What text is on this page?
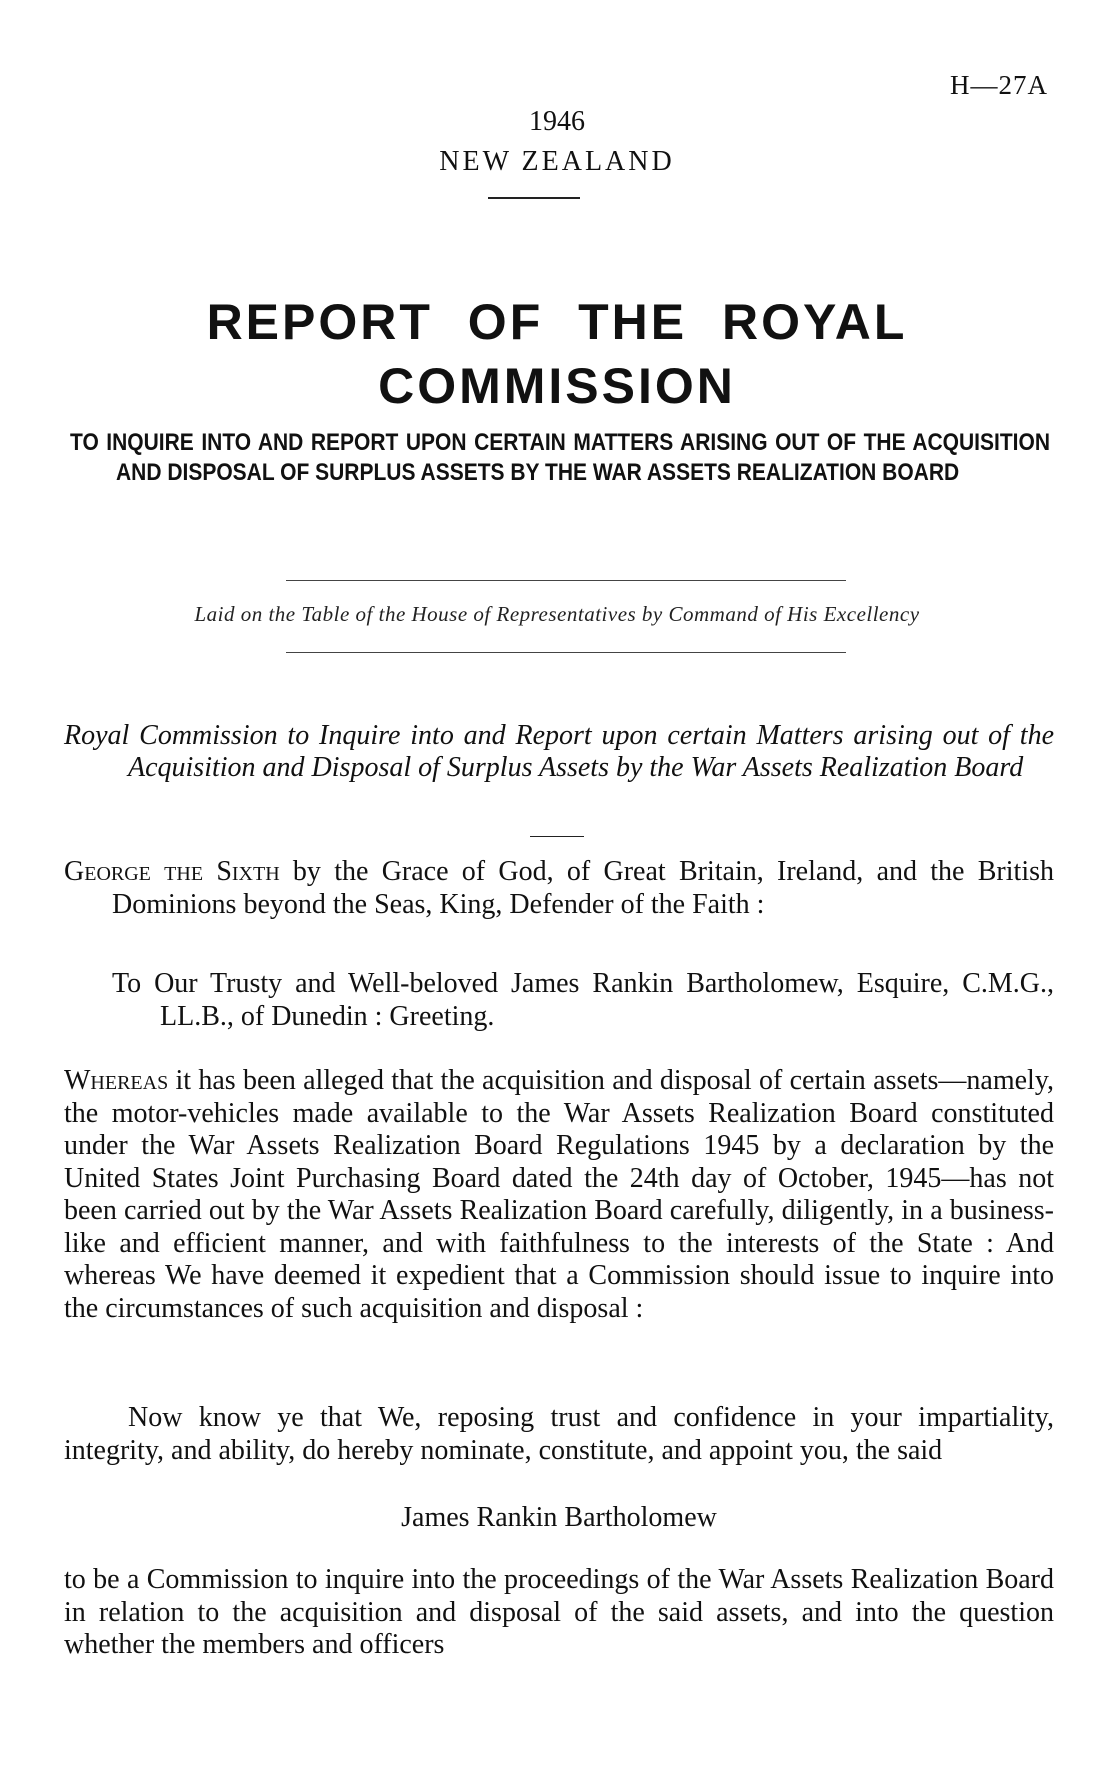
H—27A
1946
NEW ZEALAND
REPORT OF THE ROYAL
COMMISSION
TO INQUIRE INTO AND REPORT UPON CERTAIN MATTERS ARISING OUT OF THE ACQUISITION AND DISPOSAL OF SURPLUS ASSETS BY THE WAR ASSETS REALIZATION BOARD
Laid on the Table of the House of Representatives by Command of His Excellency
Royal Commission to Inquire into and Report upon certain Matters arising out of the Acquisition and Disposal of Surplus Assets by the War Assets Realization Board
George the Sixth by the Grace of God, of Great Britain, Ireland, and the British Dominions beyond the Seas, King, Defender of the Faith :
To Our Trusty and Well-beloved James Rankin Bartholomew, Esquire, C.M.G., LL.B., of Dunedin : Greeting.
Whereas it has been alleged that the acquisition and disposal of certain assets—namely, the motor-vehicles made available to the War Assets Realization Board constituted under the War Assets Realization Board Regulations 1945 by a declaration by the United States Joint Purchasing Board dated the 24th day of October, 1945—has not been carried out by the War Assets Realization Board carefully, diligently, in a business-like and efficient manner, and with faithfulness to the interests of the State : And whereas We have deemed it expedient that a Commission should issue to inquire into the circumstances of such acquisition and disposal :
Now know ye that We, reposing trust and confidence in your impartiality, integrity, and ability, do hereby nominate, constitute, and appoint you, the said
James Rankin Bartholomew
to be a Commission to inquire into the proceedings of the War Assets Realization Board in relation to the acquisition and disposal of the said assets, and into the question whether the members and officers
